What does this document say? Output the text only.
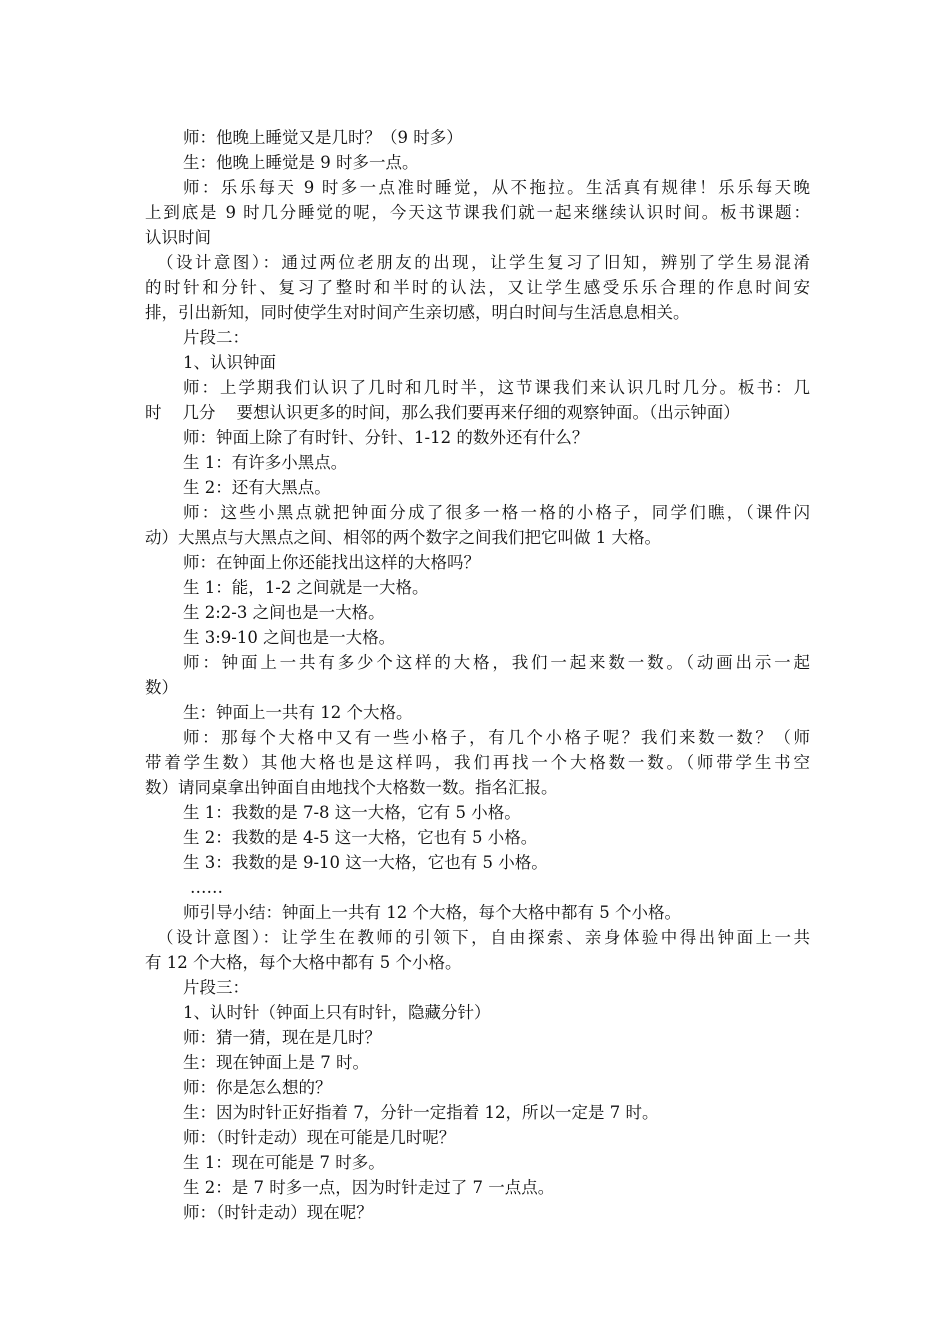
师：他晚上睡觉又是几时？（9 时多）
生：他晚上睡觉是 9 时多一点。
师：乐乐每天 9 时多一点准时睡觉，从不拖拉。生活真有规律！乐乐每天晚
上到底是 9 时几分睡觉的呢，今天这节课我们就一起来继续认识时间。板书课题：
认识时间
（设计意图）：通过两位老朋友的出现，让学生复习了旧知，辨别了学生易混淆
的时针和分针、复习了整时和半时的认法，又让学生感受乐乐合理的作息时间安
排，引出新知，同时使学生对时间产生亲切感，明白时间与生活息息相关。
片段二：
1、认识钟面
师：上学期我们认识了几时和几时半，这节课我们来认识几时几分。板书：几
时    几分    要想认识更多的时间，那么我们要再来仔细的观察钟面。（出示钟面）
师：钟面上除了有时针、分针、1-12 的数外还有什么？
生 1：有许多小黑点。
生 2：还有大黑点。
师：这些小黑点就把钟面分成了很多一格一格的小格子，同学们瞧，（课件闪
动）大黑点与大黑点之间、相邻的两个数字之间我们把它叫做 1 大格。
师：在钟面上你还能找出这样的大格吗？
生 1：能，1-2 之间就是一大格。
生 2:2-3 之间也是一大格。
生 3:9-10 之间也是一大格。
师：钟面上一共有多少个这样的大格，我们一起来数一数。（动画出示一起
数）
生：钟面上一共有 12 个大格。
师：那每个大格中又有一些小格子，有几个小格子呢？我们来数一数？（师
带着学生数）其他大格也是这样吗，我们再找一个大格数一数。（师带学生书空
数）请同桌拿出钟面自由地找个大格数一数。指名汇报。
生 1：我数的是 7-8 这一大格，它有 5 小格。
生 2：我数的是 4-5 这一大格，它也有 5 小格。
生 3：我数的是 9-10 这一大格，它也有 5 小格。
……
师引导小结：钟面上一共有 12 个大格，每个大格中都有 5 个小格。
（设计意图）：让学生在教师的引领下，自由探索、亲身体验中得出钟面上一共
有 12 个大格，每个大格中都有 5 个小格。
片段三：
1、认时针（钟面上只有时针，隐藏分针）
师：猜一猜，现在是几时？
生：现在钟面上是 7 时。
师：你是怎么想的？
生：因为时针正好指着 7，分针一定指着 12，所以一定是 7 时。
师：（时针走动）现在可能是几时呢？
生 1：现在可能是 7 时多。
生 2：是 7 时多一点，因为时针走过了 7 一点点。
师：（时针走动）现在呢？
